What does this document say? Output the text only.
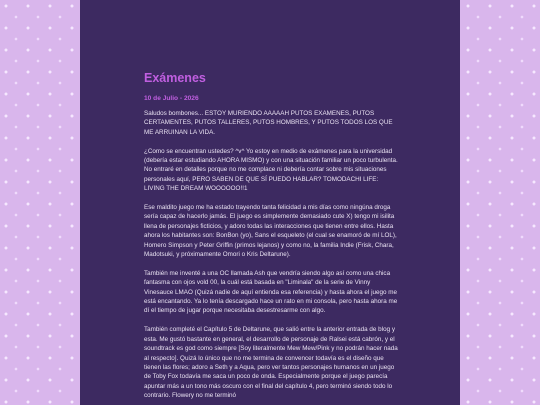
Exámenes
10 de Julio - 2026

Saludos bombones... ESTOY MURIENDO AAAAAH PUTOS EXAMENES, PUTOS CERTAMENTES, PUTOS TALLERES, PUTOS HOMBRES, Y PUTOS TODOS LOS QUE ME ARRUINAN LA VIDA.

¿Como se encuentran ustedes? ^v^ Yo estoy en medio de exámenes para la universidad (debería estar estudiando AHORA MISMO) y con una situación familiar un poco turbulenta. No entraré en detalles porque no me complace ni debería contar sobre mis situaciones personales aquí, PERO SABEN DE QUE SÍ PUEDO HABLAR? TOMODACHI LIFE: LIVING THE DREAM WOOOOOO!!1

Ese maldito juego me ha estado trayendo tanta felicidad a mis días como ningúna droga sería capaz de hacerlo jamás. El juego es simplemente demasiado cute X) tengo mi isilita llena de personajes ficticios, y adoro todas las interacciones que tienen entre ellos. Hasta ahora los habitantes son: BonBon (yo), Sans el esqueleto (el cual se enamoró de mí LOL), Homero Simpson y Peter Griffin (primos lejanos) y como no, la familia Indie (Frisk, Chara, Madotsuki, y próximamente Omori o Kris Deltarune).

También me inventé a una OC llamada Ash que vendría siendo algo así como una chica fantasma con ojos vold 00, la cuál está basada en "Liminala" de la serie de Vinny Vinesauce LMAO (Quizá nadie de aquí entienda esa referencia) y hasta ahora el juego me está encantando. Ya lo tenía descargado hace un rato en mi consola, pero hasta ahora me dí el tiempo de jugar porque necesitaba desestresarme con algo.

También completé el Capítulo 5 de Deltarune, que salió entre la anterior entrada de blog y esta. Me gustó bastante en general, el desarrollo de personaje de Ralsei está cabrón, y el soundtrack es god como siempre [Soy literalmente Mew Mew/Pink y no podrán hacer nada al respecto]. Quizá lo único que no me termina de convencer todavía es el diseño que tienen las flores; adoro a Seth y a Aqua, pero ver tantos personajes humanos en un juego de Toby Fox todavía me saca un poco de onda. Especialmente porque el juego parecía apuntar más a un tono más oscuro con el final del capítulo 4, pero terminó siendo todo lo contrario. Flowery no me terminó
